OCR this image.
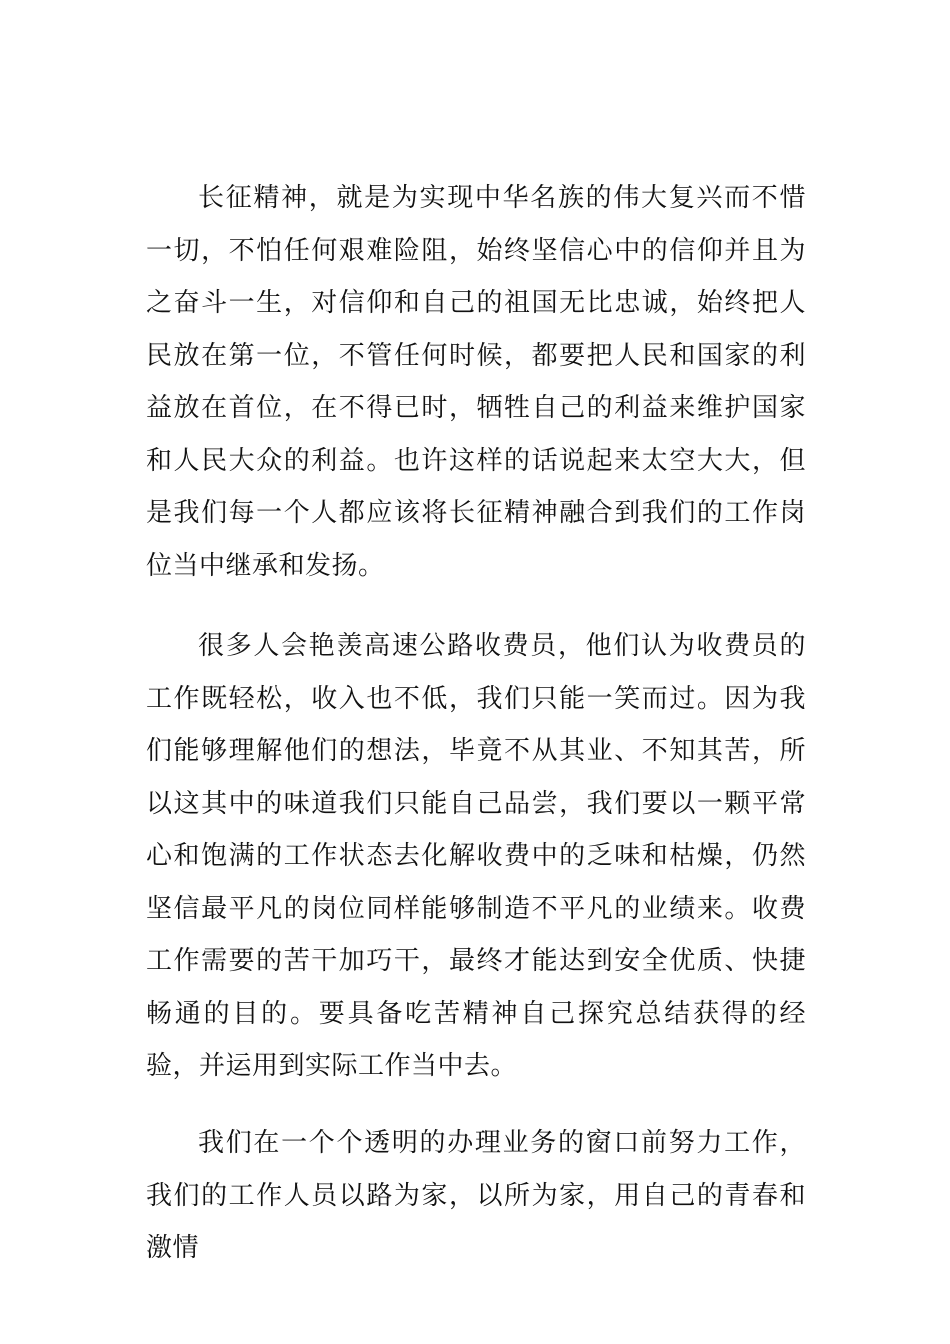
长征精神，就是为实现中华名族的伟大复兴而不惜一切，不怕任何艰难险阻，始终坚信心中的信仰并且为之奋斗一生，对信仰和自己的祖国无比忠诚，始终把人民放在第一位，不管任何时候，都要把人民和国家的利益放在首位，在不得已时，牺牲自己的利益来维护国家和人民大众的利益。也许这样的话说起来太空大大，但是我们每一个人都应该将长征精神融合到我们的工作岗位当中继承和发扬。

很多人会艳羡高速公路收费员，他们认为收费员的工作既轻松，收入也不低，我们只能一笑而过。因为我们能够理解他们的想法，毕竟不从其业、不知其苦，所以这其中的味道我们只能自己品尝，我们要以一颗平常心和饱满的工作状态去化解收费中的乏味和枯燥，仍然坚信最平凡的岗位同样能够制造不平凡的业绩来。收费工作需要的苦干加巧干，最终才能达到安全优质、快捷畅通的目的。要具备吃苦精神自己探究总结获得的经验，并运用到实际工作当中去。

我们在一个个透明的办理业务的窗口前努力工作，我们的工作人员以路为家，以所为家，用自己的青春和激情
